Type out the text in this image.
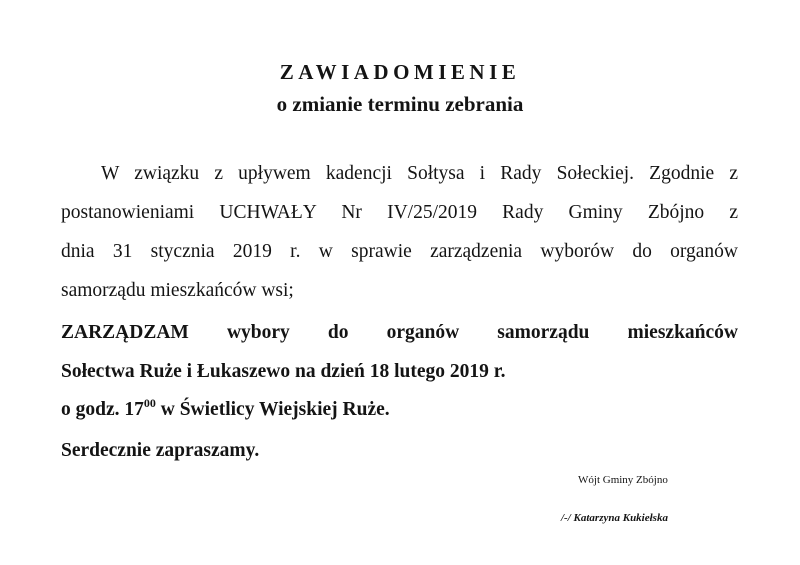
ZAWIADOMIENIE

o zmianie terminu zebrania

W związku z upływem kadencji Sołtysa i Rady Sołeckiej. Zgodnie z

postanowieniami UCHWAŁY Nr IV/25/2019 Rady Gminy Zbójno z

dnia 31 stycznia 2019 r. w sprawie zarządzenia wyborów do organów

samorządu mieszkańców wsi;

ZARZĄDZAM wybory do organów samorządu mieszkańców

Sołectwa Ruże i Łukaszewo na dzień 18 lutego 2019 r.

o godz. $17^{00}$ w Świetlicy Wiejskiej Ruże.

Serdecznie zapraszamy.

Wójt Gminy Zbójno

/-/ Katarzyna Kukiełska
